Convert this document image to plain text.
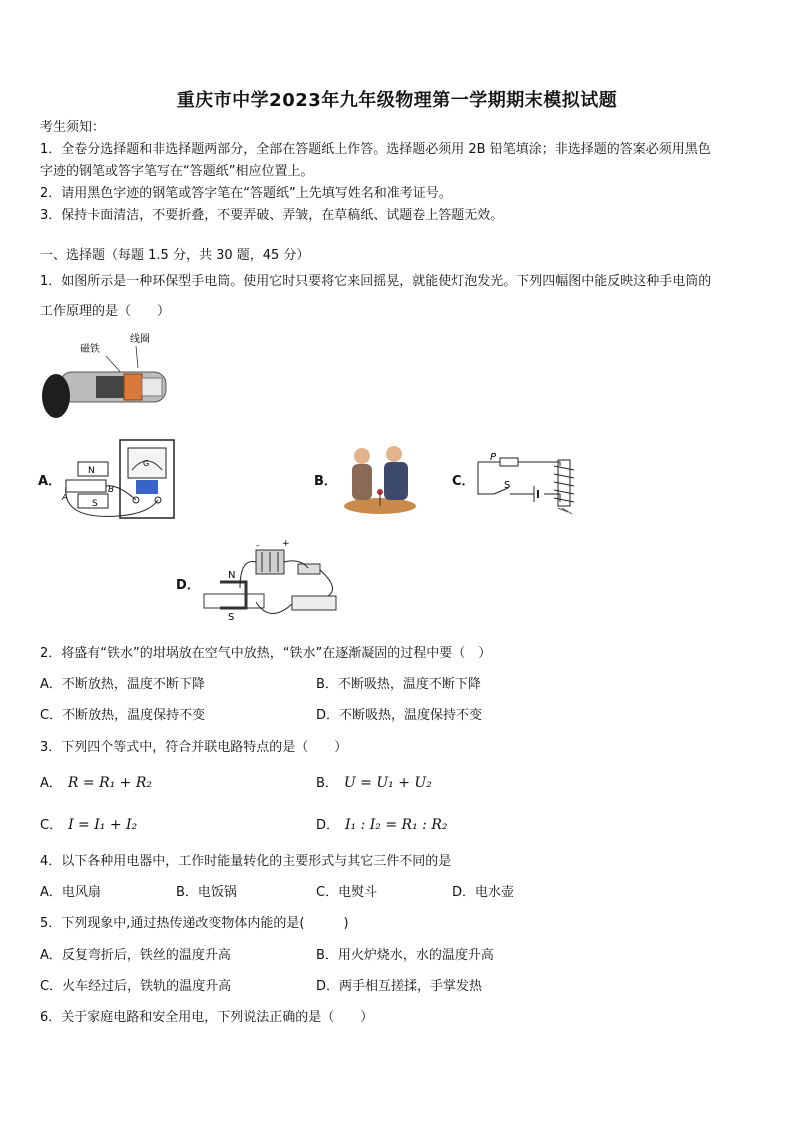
重庆市中学2023年九年级物理第一学期期末模拟试题
考生须知：
1．全卷分选择题和非选择题两部分，全部在答题纸上作答。选择题必须用 2B 铅笔填涂；非选择题的答案必须用黑色
字迹的钢笔或答字笔写在“答题纸”相应位置上。
2．请用黑色字迹的钢笔或答字笔在“答题纸”上先填写姓名和准考证号。
3．保持卡面清洁，不要折叠，不要弄破、弄皱，在草稿纸、试题卷上答题无效。
一、选择题（每题 1.5 分，共 30 题，45 分）
1．如图所示是一种环保型手电筒。使用它时只要将它来回摇晃，就能使灯泡发光。下列四幅图中能反映这种手电筒的
工作原理的是（　　）
磁铁
线圈
A．
G
N
S
A
B
B．	C．
P
S
D．
-	+
N
S
2．将盛有“铁水”的坩埚放在空气中放热，“铁水”在逐渐凝固的过程中要（　）
A．不断放热，温度不断下降	B．不断吸热，温度不断下降
C．不断放热，温度保持不变	D．不断吸热，温度保持不变
3．下列四个等式中，符合并联电路特点的是（　　）
A． R = R₁ + R₂	B． U = U₁ + U₂
C． I = I₁ + I₂	D． I₁ : I₂ = R₁ : R₂
4．以下各种用电器中，工作时能量转化的主要形式与其它三件不同的是
A．电风扇	B．电饭锅	C．电熨斗	D．电水壶
5．下列现象中,通过热传递改变物体内能的是(　　　)
A．反复弯折后，铁丝的温度升高	B．用火炉烧水，水的温度升高
C．火车经过后，铁轨的温度升高	D．两手相互搓揉，手掌发热
6．关于家庭电路和安全用电，下列说法正确的是（　　）
